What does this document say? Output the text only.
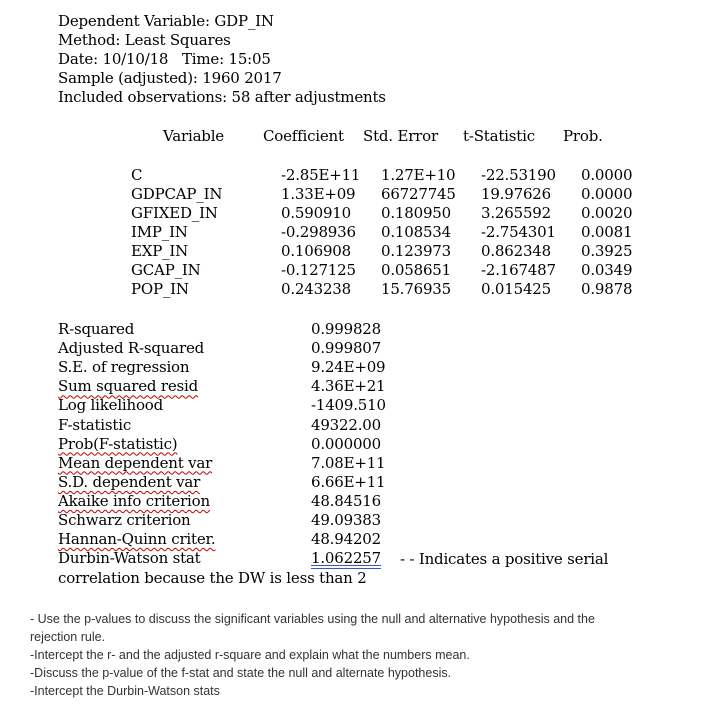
Dependent Variable: GDP_IN
Method: Least Squares
Date: 10/10/18   Time: 15:05
Sample (adjusted): 1960 2017
Included observations: 58 after adjustments
Variable	Coefficient Std. Error t-Statistic Prob.
C	-2.85E+11 1.27E+10 -22.53190 0.0000
GDPCAP_IN	1.33E+09 66727745 19.97626 0.0000
GFIXED_IN	0.590910 0.180950 3.265592 0.0020
IMP_IN	-0.298936 0.108534 -2.754301 0.0081
EXP_IN	0.106908 0.123973 0.862348 0.3925
GCAP_IN	-0.127125 0.058651 -2.167487 0.0349
POP_IN	0.243238 15.76935 0.015425 0.9878
R-squared	0.999828
Adjusted R-squared	0.999807
S.E. of regression	9.24E+09
Sum squared resid	4.36E+21
Log likelihood	-1409.510
F-statistic	49322.00
Prob(F-statistic)	0.000000
Mean dependent var	7.08E+11
S.D. dependent var	6.66E+11
Akaike info criterion	48.84516
Schwarz criterion	49.09383
Hannan-Quinn criter.	48.94202
Durbin-Watson stat	1.062257 - - Indicates a positive serial
correlation because the DW is less than 2
- Use the p-values to discuss the significant variables using the null and alternative hypothesis and the
rejection rule.
-Intercept the r- and the adjusted r-square and explain what the numbers mean.
-Discuss the p-value of the f-stat and state the null and alternate hypothesis.
-Intercept the Durbin-Watson stats
